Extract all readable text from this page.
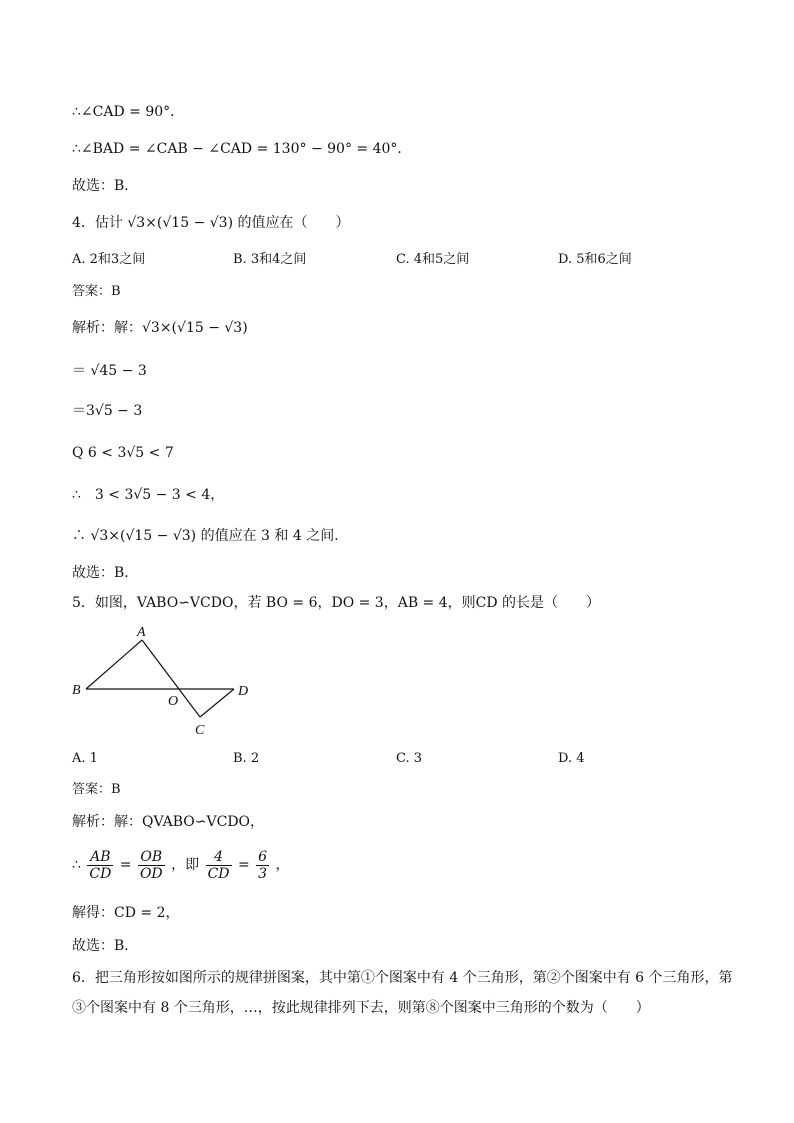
∴∠CAD = 90°．
∴∠BAD = ∠CAB − ∠CAD = 130° − 90° = 40°．
故选：B．
4．估计 √3×(√15 − √3) 的值应在（　　）
A. 2和3之间	B. 3和4之间	C. 4和5之间	D. 5和6之间
答案：B
解析：解：√3×(√15 − √3)
＝ √45 − 3
＝3√5 − 3
Q 6 < 3√5 < 7
∴　3 < 3√5 − 3 < 4，
∴ √3×(√15 − √3) 的值应在 3 和 4 之间．
故选：B．
5．如图，VABO∽VCDO，若 BO = 6，DO = 3，AB = 4，则CD 的长是（　　）
A
B
O
D
C
A. 1	B. 2	C. 3	D. 4
答案：B
解析：解：QVABO∽VCDO，
∴ $\frac{AB}{CD} = \frac{OB}{OD}$ ，即 $\frac{4}{CD} = \frac{6}{3}$ ，
解得：CD = 2，
故选：B．
6．把三角形按如图所示的规律拼图案，其中第①个图案中有 4 个三角形，第②个图案中有 6 个三角形，第
③个图案中有 8 个三角形，…，按此规律排列下去，则第⑧个图案中三角形的个数为（　　）
